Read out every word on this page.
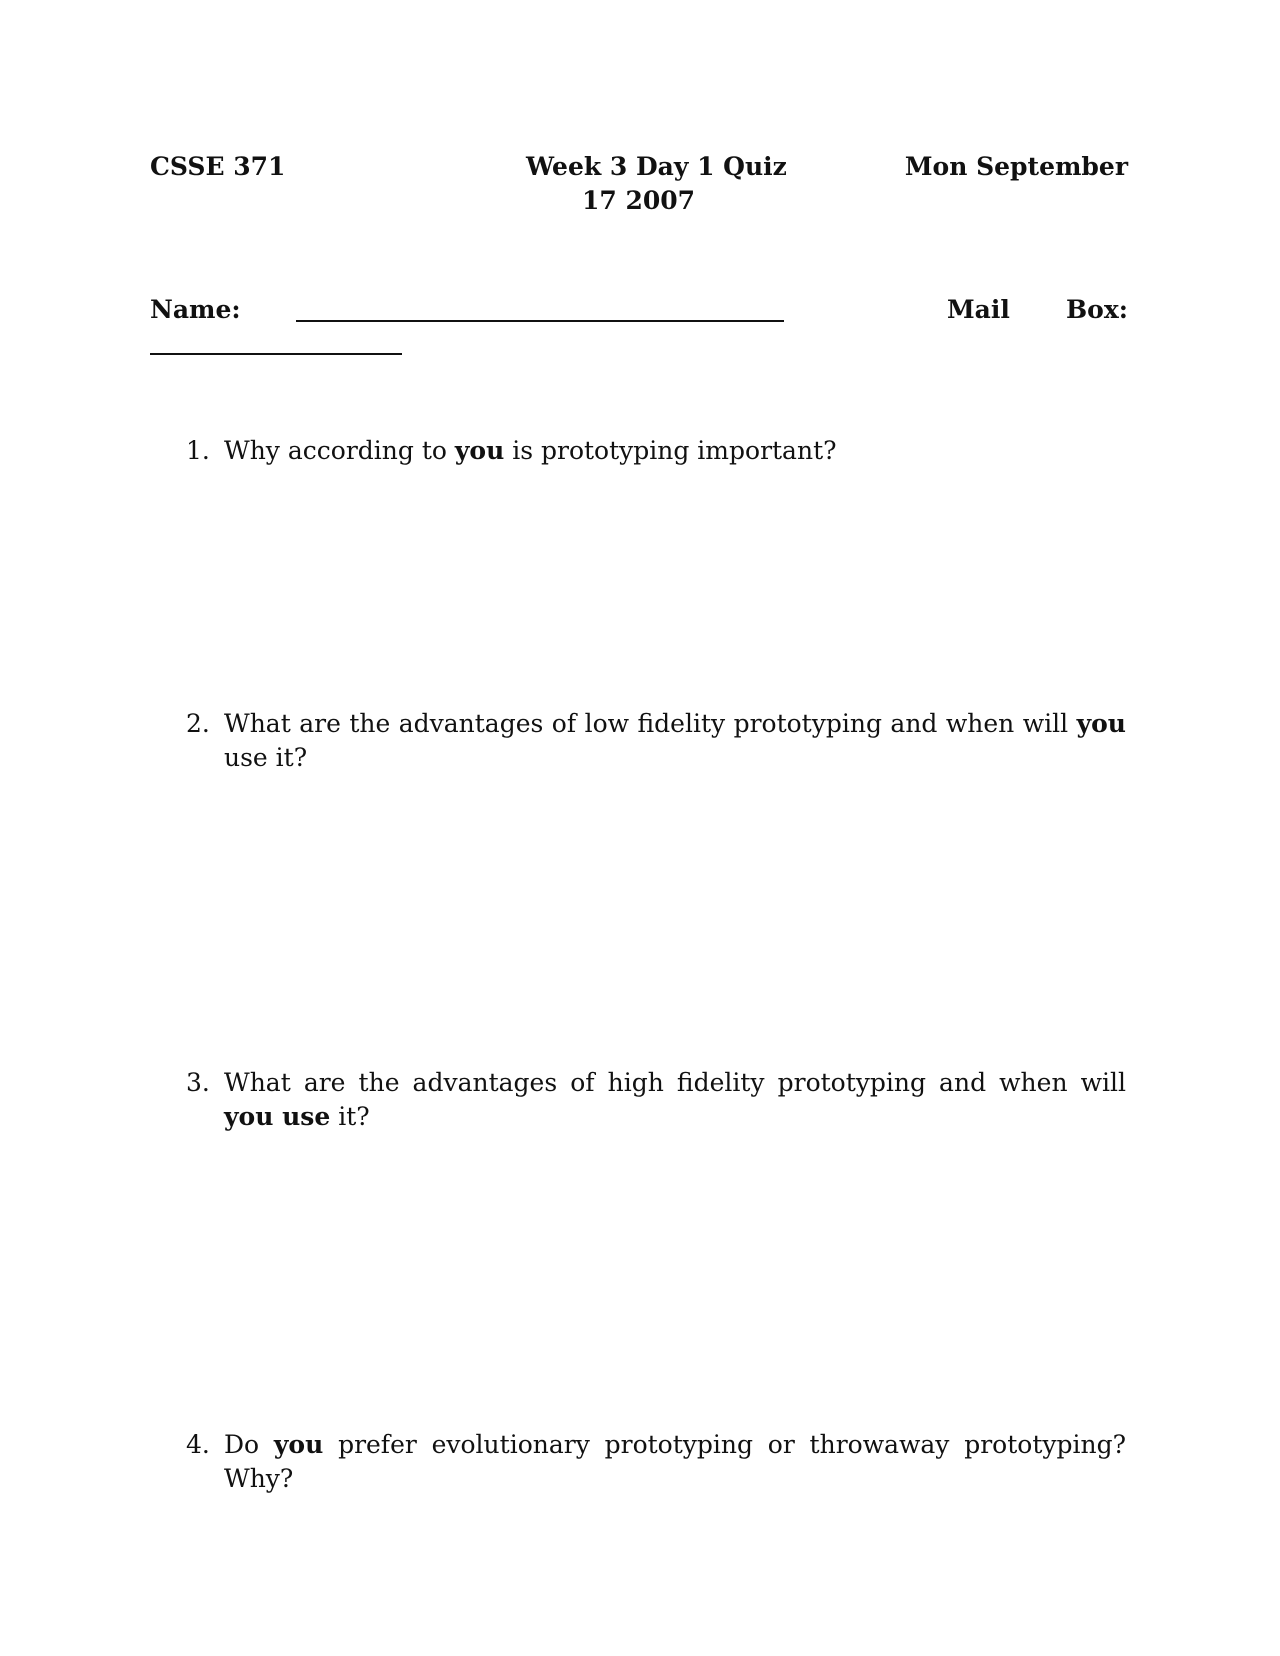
CSSE 371	Week 3 Day 1 Quiz	Mon September
17 2007
Name:	Mail Box:
1. Why according to you is prototyping important?
2. What are the advantages of low fidelity prototyping and when will you use it?
3. What are the advantages of high fidelity prototyping and when will you use it?
4. Do you prefer evolutionary prototyping or throwaway prototyping? Why?
